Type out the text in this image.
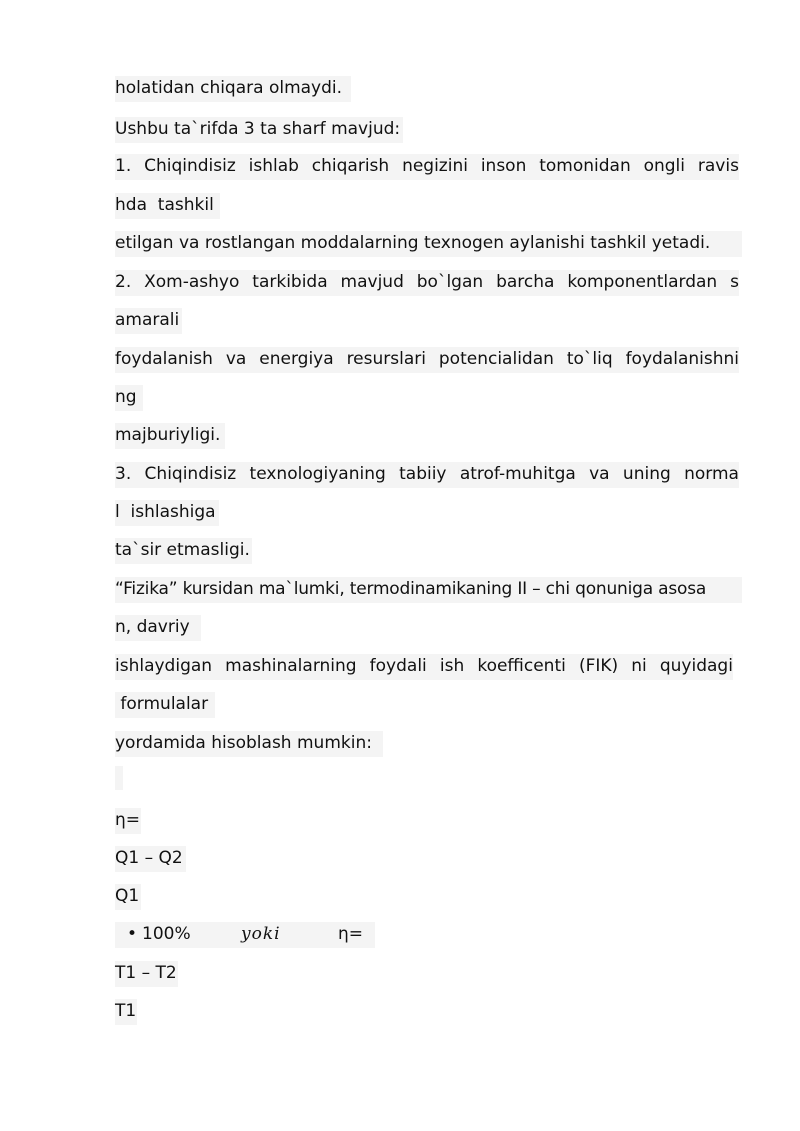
holatidan chiqara olmaydi.
Ushbu ta`rifda 3 ta sharf mavjud:
1. Chiqindisiz ishlab chiqarish negizini inson tomonidan ongli ravis
hda  tashkil
etilgan va rostlangan moddalarning texnogen aylanishi tashkil yetadi.
2. Xom-ashyo tarkibida mavjud bo`lgan barcha komponentlardan s
amarali
foydalanish va energiya resurslari potencialidan to`liq foydalanishni
ng
majburiyligi.
3. Chiqindisiz texnologiyaning tabiiy atrof-muhitga va uning norma
l  ishlashiga
ta`sir etmasligi.
“Fizika” kursidan ma`lumki, termodinamikaning II – chi qonuniga asosa
n, davriy
ishlaydigan mashinalarning foydali ish koefficenti (FIK) ni quyidagi
formulalar
yordamida hisoblash mumkin:
η=
Q1 – Q2
Q1
• 100%	yoki	η=
T1 – T2
T1
